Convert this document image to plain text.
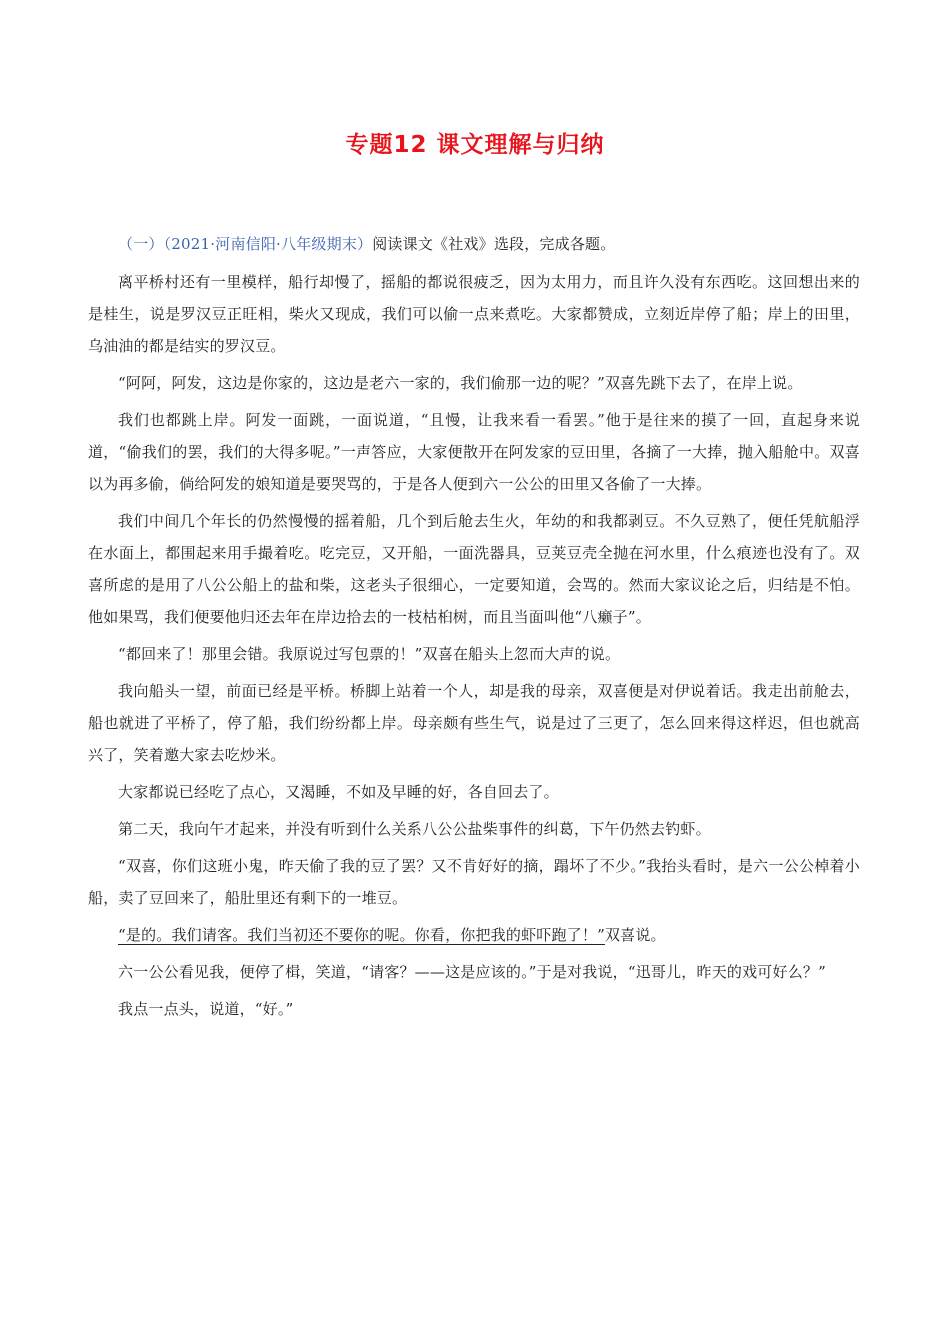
专题12 课文理解与归纳

（一）（2021·河南信阳·八年级期末）阅读课文《社戏》选段，完成各题。

离平桥村还有一里模样，船行却慢了，摇船的都说很疲乏，因为太用力，而且许久没有东西吃。这回想出来的是桂生，说是罗汉豆正旺相，柴火又现成，我们可以偷一点来煮吃。大家都赞成，立刻近岸停了船；岸上的田里，乌油油的都是结实的罗汉豆。

“阿阿，阿发，这边是你家的，这边是老六一家的，我们偷那一边的呢？”双喜先跳下去了，在岸上说。

我们也都跳上岸。阿发一面跳，一面说道，“且慢，让我来看一看罢。”他于是往来的摸了一回，直起身来说道，“偷我们的罢，我们的大得多呢。”一声答应，大家便散开在阿发家的豆田里，各摘了一大捧，抛入船舱中。双喜以为再多偷，倘给阿发的娘知道是要哭骂的，于是各人便到六一公公的田里又各偷了一大捧。

我们中间几个年长的仍然慢慢的摇着船，几个到后舱去生火，年幼的和我都剥豆。不久豆熟了，便任凭航船浮在水面上，都围起来用手撮着吃。吃完豆，又开船，一面洗器具，豆荚豆壳全抛在河水里，什么痕迹也没有了。双喜所虑的是用了八公公船上的盐和柴，这老头子很细心，一定要知道，会骂的。然而大家议论之后，归结是不怕。他如果骂，我们便要他归还去年在岸边拾去的一枝枯桕树，而且当面叫他“八癞子”。

“都回来了！那里会错。我原说过写包票的！”双喜在船头上忽而大声的说。

我向船头一望，前面已经是平桥。桥脚上站着一个人，却是我的母亲，双喜便是对伊说着话。我走出前舱去，船也就进了平桥了，停了船，我们纷纷都上岸。母亲颇有些生气，说是过了三更了，怎么回来得这样迟，但也就高兴了，笑着邀大家去吃炒米。

大家都说已经吃了点心，又渴睡，不如及早睡的好，各自回去了。

第二天，我向午才起来，并没有听到什么关系八公公盐柴事件的纠葛，下午仍然去钓虾。

“双喜，你们这班小鬼，昨天偷了我的豆了罢？又不肯好好的摘，蹋坏了不少。”我抬头看时，是六一公公棹着小船，卖了豆回来了，船肚里还有剩下的一堆豆。

“是的。我们请客。我们当初还不要你的呢。你看，你把我的虾吓跑了！”双喜说。

六一公公看见我，便停了楫，笑道，“请客？——这是应该的。”于是对我说，“迅哥儿，昨天的戏可好么？”

我点一点头，说道，“好。”
